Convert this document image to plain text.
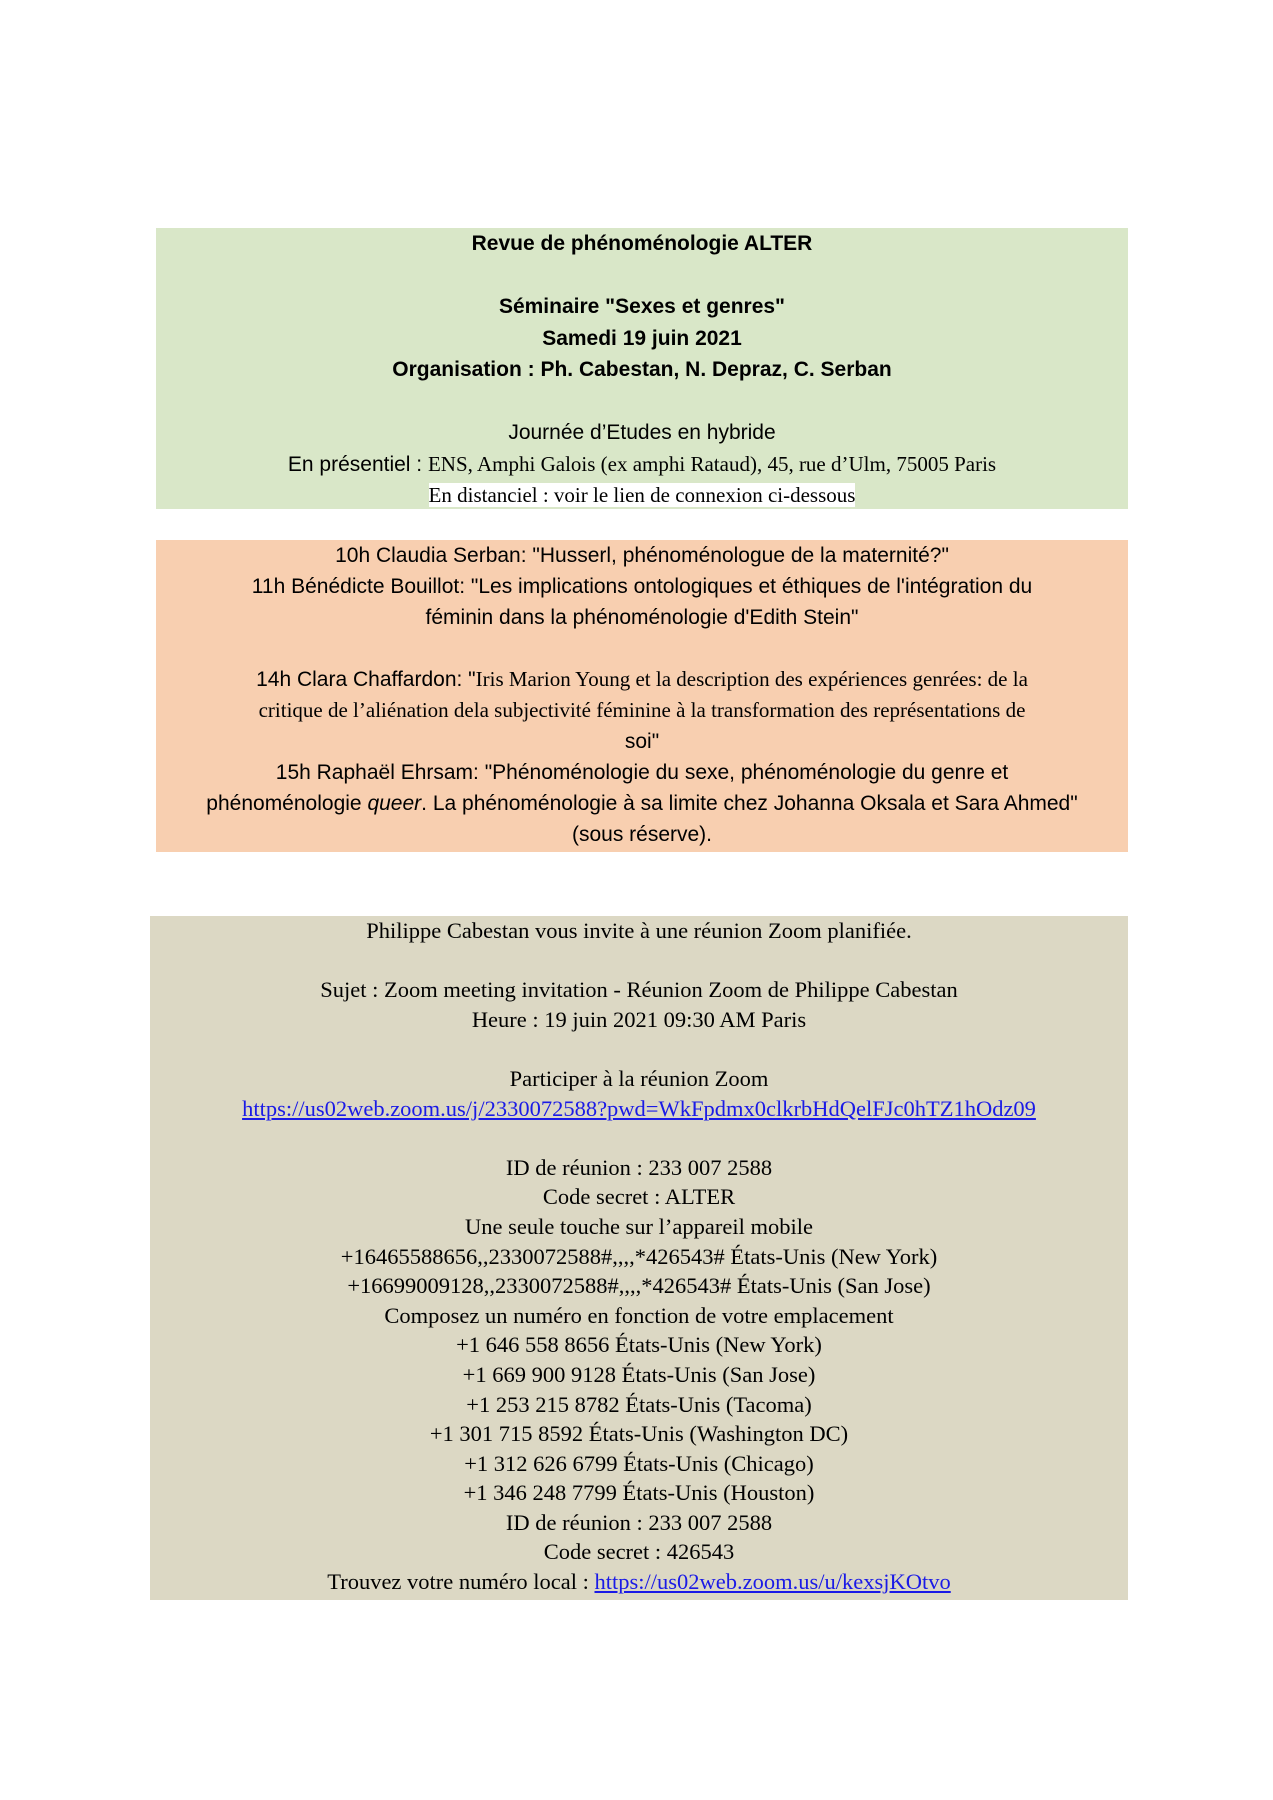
Revue de phénoménologie ALTER
Séminaire "Sexes et genres"
Samedi 19 juin 2021
Organisation : Ph. Cabestan, N. Depraz, C. Serban
Journée d’Etudes en hybride
En présentiel : ENS, Amphi Galois (ex amphi Rataud), 45, rue d’Ulm, 75005 Paris
En distanciel : voir le lien de connexion ci-dessous
10h Claudia Serban: "Husserl, phénoménologue de la maternité?"
11h Bénédicte Bouillot: "Les implications ontologiques et éthiques de l'intégration du
féminin dans la phénoménologie d'Edith Stein"
14h Clara Chaffardon: "Iris Marion Young et la description des expériences genrées: de la
critique de l’aliénation dela subjectivité féminine à la transformation des représentations de
soi"
15h Raphaël Ehrsam: "Phénoménologie du sexe, phénoménologie du genre et
phénoménologie queer. La phénoménologie à sa limite chez Johanna Oksala et Sara Ahmed"
(sous réserve).
Philippe Cabestan vous invite à une réunion Zoom planifiée.
Sujet : Zoom meeting invitation - Réunion Zoom de Philippe Cabestan
Heure : 19 juin 2021 09:30 AM Paris
Participer à la réunion Zoom
https://us02web.zoom.us/j/2330072588?pwd=WkFpdmx0clkrbHdQelFJc0hTZ1hOdz09
ID de réunion : 233 007 2588
Code secret : ALTER
Une seule touche sur l’appareil mobile
+16465588656,,2330072588#,,,,*426543# États-Unis (New York)
+16699009128,,2330072588#,,,,*426543# États-Unis (San Jose)
Composez un numéro en fonction de votre emplacement
+1 646 558 8656 États-Unis (New York)
+1 669 900 9128 États-Unis (San Jose)
+1 253 215 8782 États-Unis (Tacoma)
+1 301 715 8592 États-Unis (Washington DC)
+1 312 626 6799 États-Unis (Chicago)
+1 346 248 7799 États-Unis (Houston)
ID de réunion : 233 007 2588
Code secret : 426543
Trouvez votre numéro local : https://us02web.zoom.us/u/kexsjKOtvo
